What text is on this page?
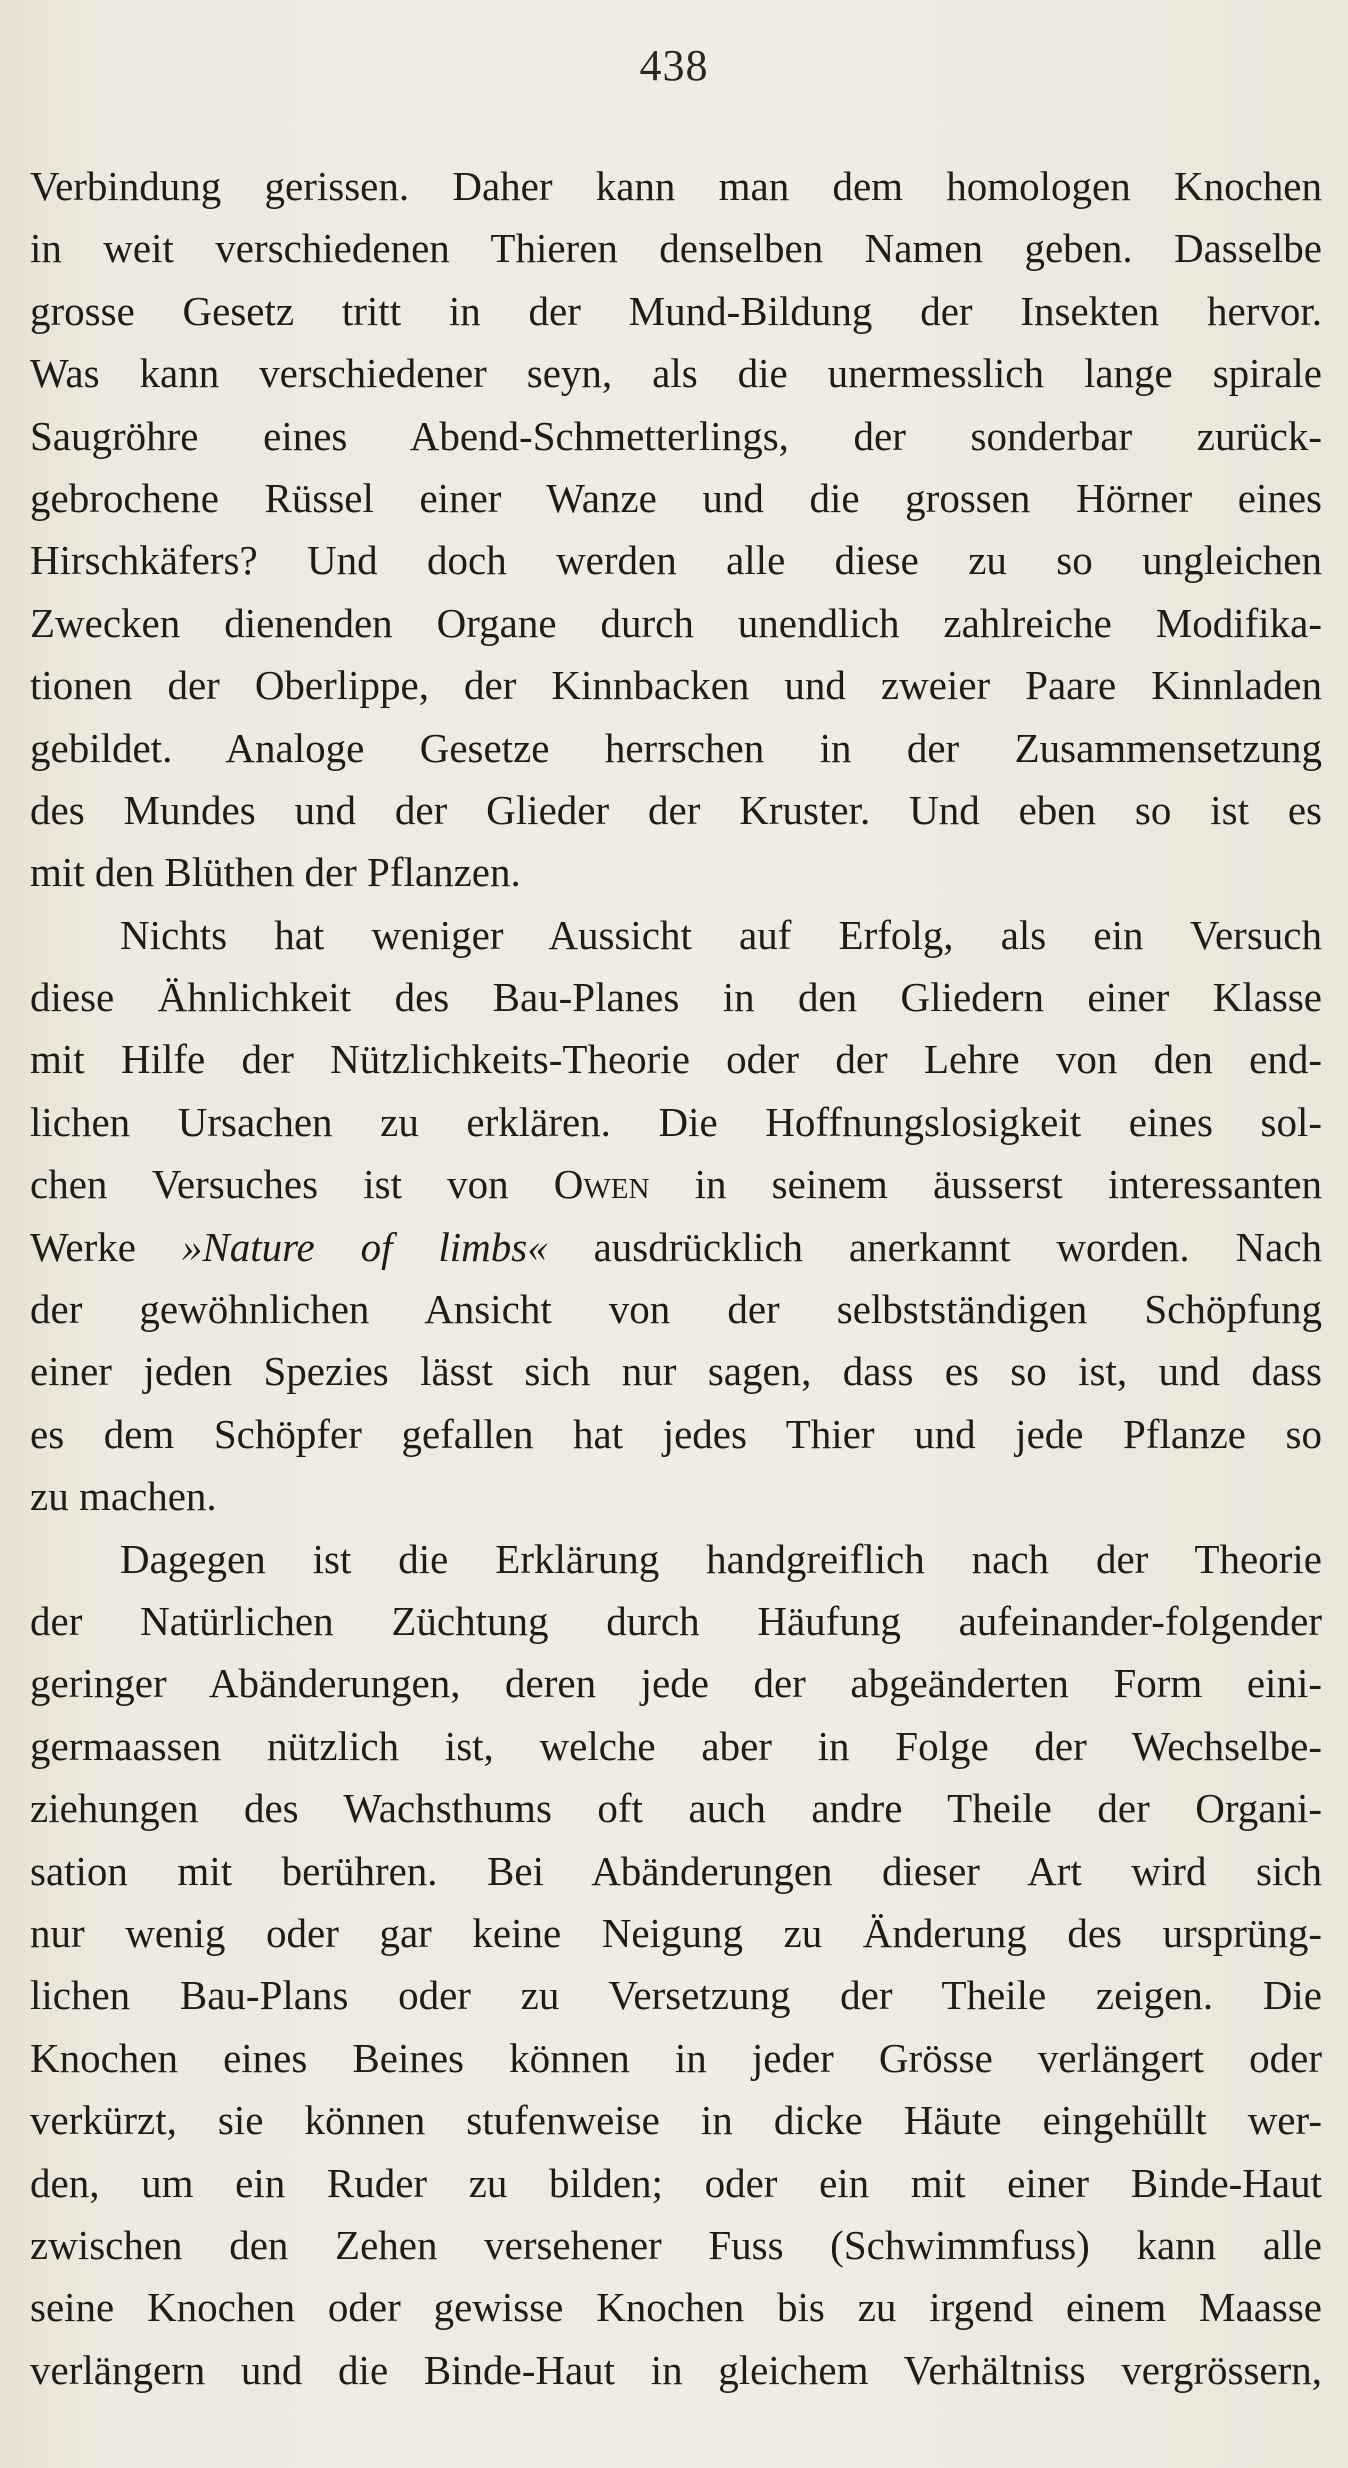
438
Verbindung gerissen. Daher kann man dem homologen Knochen
in weit verschiedenen Thieren denselben Namen geben. Dasselbe
grosse Gesetz tritt in der Mund-Bildung der Insekten hervor.
Was kann verschiedener seyn, als die unermesslich lange spirale
Saugröhre eines Abend-Schmetterlings, der sonderbar zurück-
gebrochene Rüssel einer Wanze und die grossen Hörner eines
Hirschkäfers? Und doch werden alle diese zu so ungleichen
Zwecken dienenden Organe durch unendlich zahlreiche Modifika-
tionen der Oberlippe, der Kinnbacken und zweier Paare Kinnladen
gebildet. Analoge Gesetze herrschen in der Zusammensetzung
des Mundes und der Glieder der Kruster. Und eben so ist es
mit den Blüthen der Pflanzen.
Nichts hat weniger Aussicht auf Erfolg, als ein Versuch
diese Ähnlichkeit des Bau-Planes in den Gliedern einer Klasse
mit Hilfe der Nützlichkeits-Theorie oder der Lehre von den end-
lichen Ursachen zu erklären. Die Hoffnungslosigkeit eines sol-
chen Versuches ist von Owen in seinem äusserst interessanten
Werke »Nature of limbs« ausdrücklich anerkannt worden. Nach
der gewöhnlichen Ansicht von der selbstständigen Schöpfung
einer jeden Spezies lässt sich nur sagen, dass es so ist, und dass
es dem Schöpfer gefallen hat jedes Thier und jede Pflanze so
zu machen.
Dagegen ist die Erklärung handgreiflich nach der Theorie
der Natürlichen Züchtung durch Häufung aufeinander-folgender
geringer Abänderungen, deren jede der abgeänderten Form eini-
germaassen nützlich ist, welche aber in Folge der Wechselbe-
ziehungen des Wachsthums oft auch andre Theile der Organi-
sation mit berühren. Bei Abänderungen dieser Art wird sich
nur wenig oder gar keine Neigung zu Änderung des ursprüng-
lichen Bau-Plans oder zu Versetzung der Theile zeigen. Die
Knochen eines Beines können in jeder Grösse verlängert oder
verkürzt, sie können stufenweise in dicke Häute eingehüllt wer-
den, um ein Ruder zu bilden; oder ein mit einer Binde-Haut
zwischen den Zehen versehener Fuss (Schwimmfuss) kann alle
seine Knochen oder gewisse Knochen bis zu irgend einem Maasse
verlängern und die Binde-Haut in gleichem Verhältniss vergrössern,
